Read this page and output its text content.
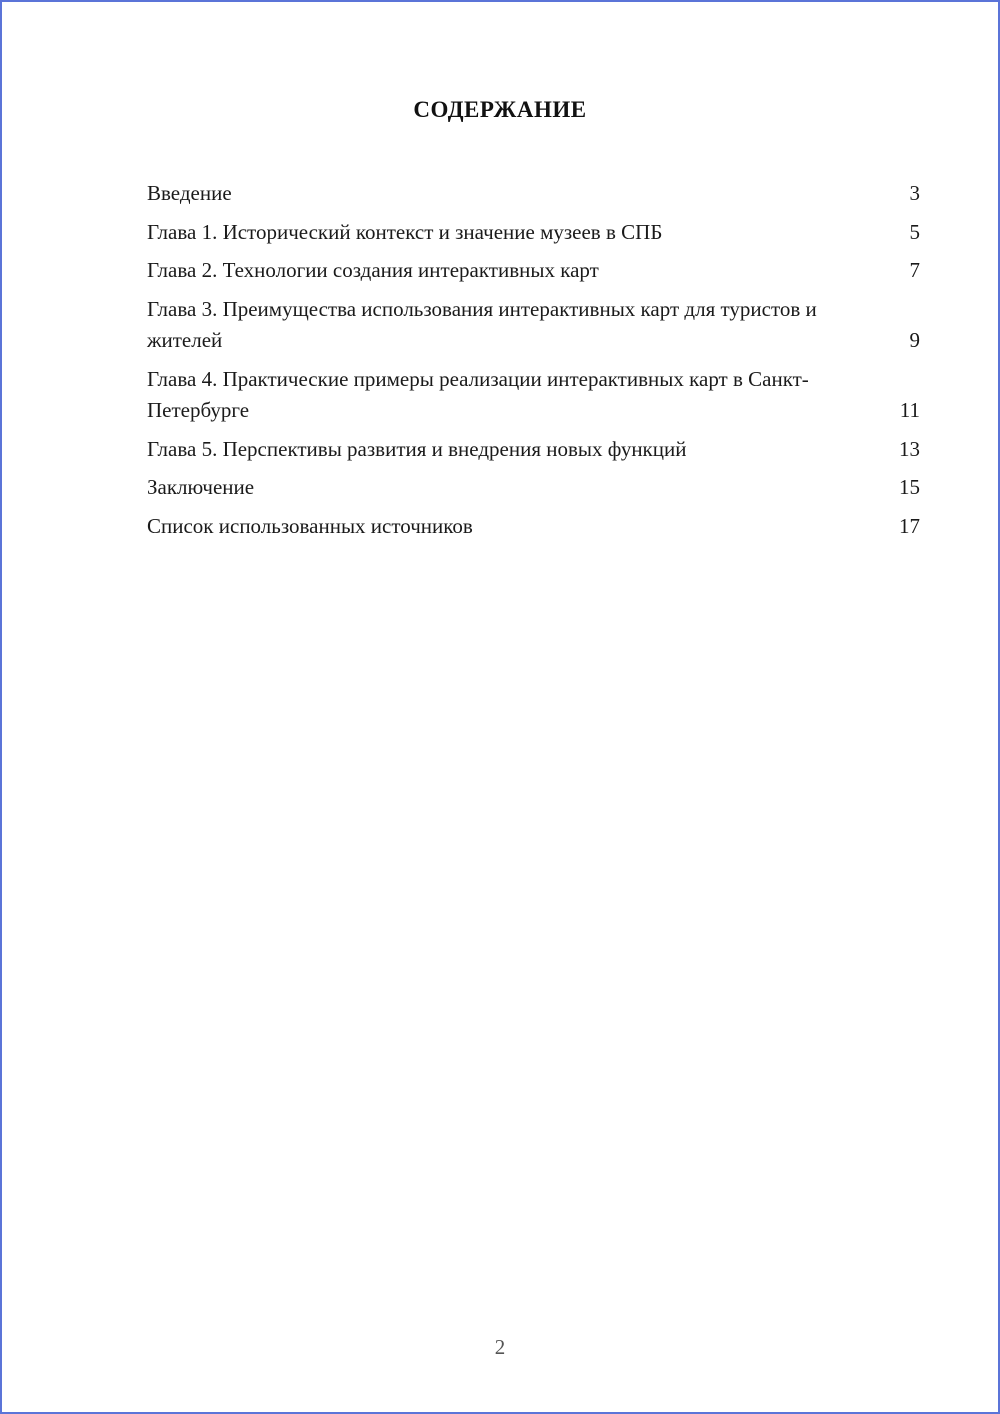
СОДЕРЖАНИЕ
Введение	3
Глава 1. Исторический контекст и значение музеев в СПБ	5
Глава 2. Технологии создания интерактивных карт	7
Глава 3. Преимущества использования интерактивных карт для туристов и жителей	9
Глава 4. Практические примеры реализации интерактивных карт в Санкт-Петербурге	11
Глава 5. Перспективы развития и внедрения новых функций	13
Заключение	15
Список использованных источников	17
2
